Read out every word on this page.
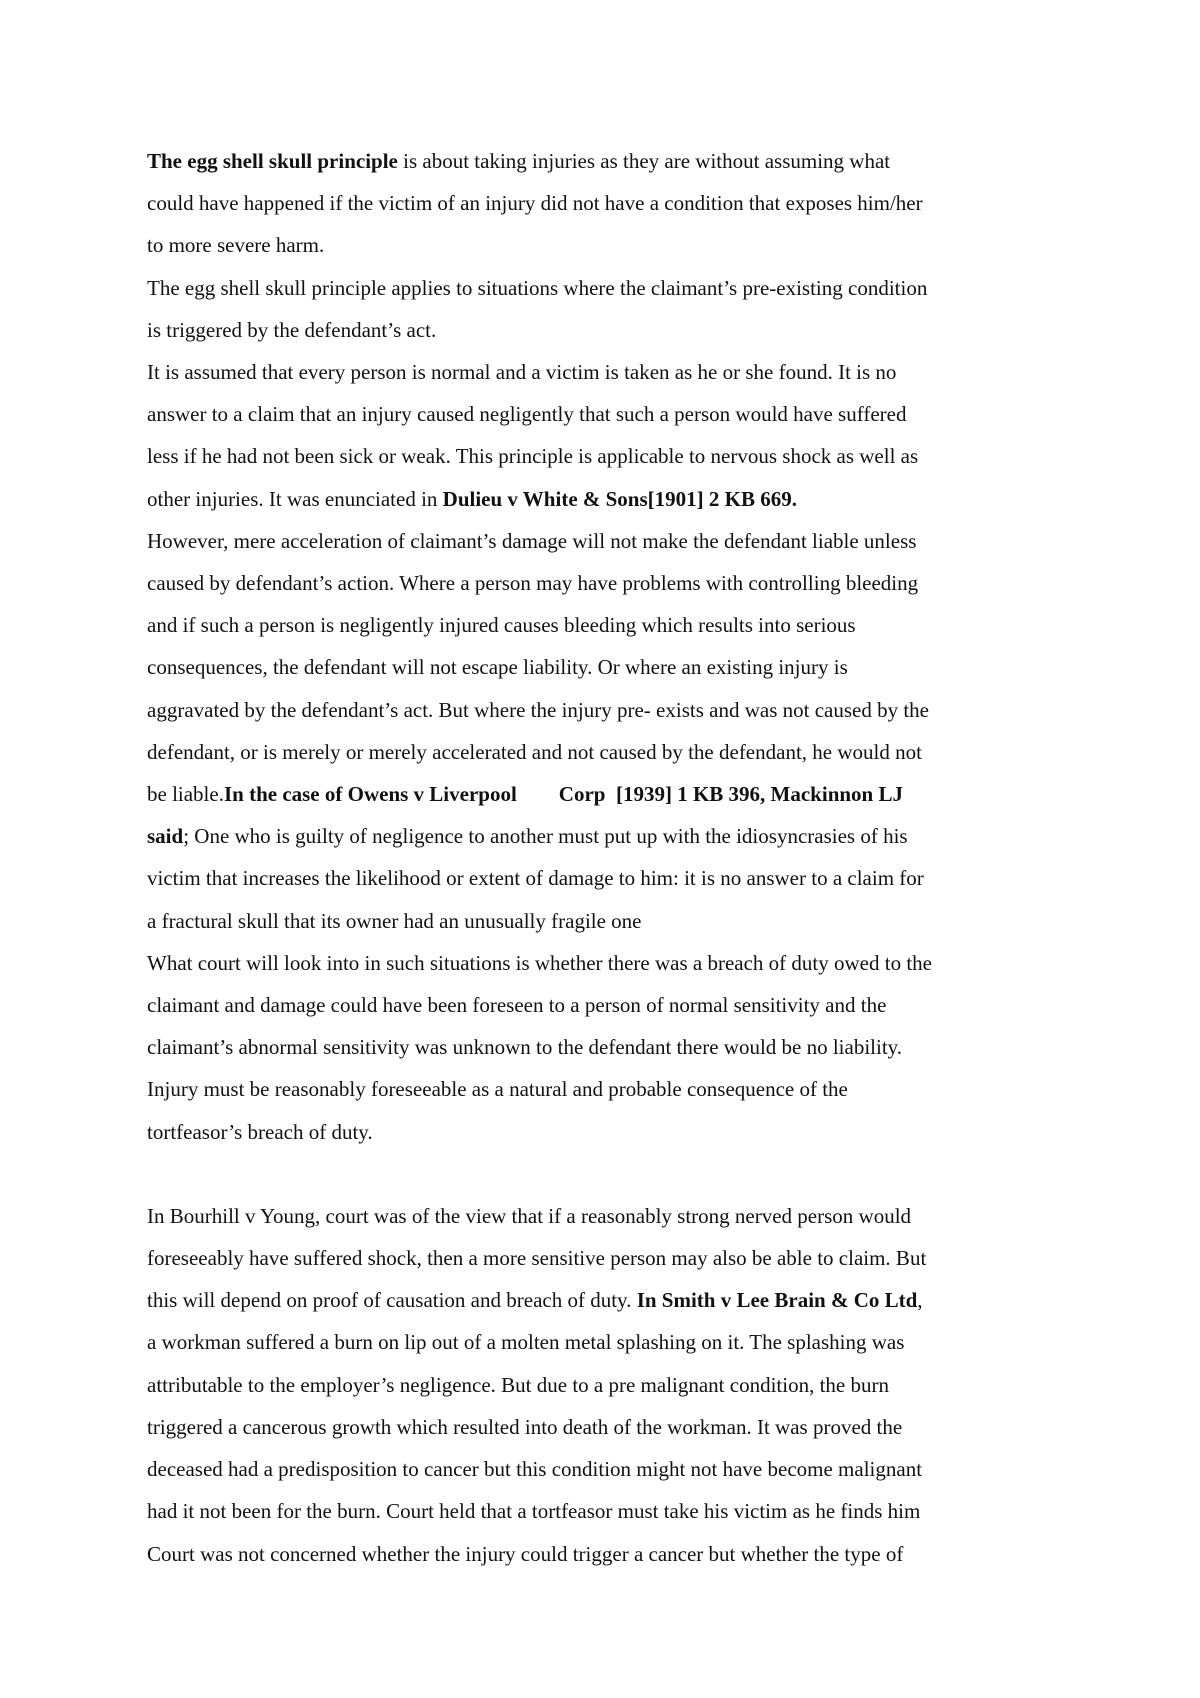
The egg shell skull principle is about taking injuries as they are without assuming what
could have happened if the victim of an injury did not have a condition that exposes him/her
to more severe harm.
The egg shell skull principle applies to situations where the claimant’s pre-existing condition
is triggered by the defendant’s act.
It is assumed that every person is normal and a victim is taken as he or she found. It is no
answer to a claim that an injury caused negligently that such a person would have suffered
less if he had not been sick or weak. This principle is applicable to nervous shock as well as
other injuries. It was enunciated in Dulieu v White & Sons[1901] 2 KB 669.
However, mere acceleration of claimant’s damage will not make the defendant liable unless
caused by defendant’s action. Where a person may have problems with controlling bleeding
and if such a person is negligently injured causes bleeding which results into serious
consequences, the defendant will not escape liability. Or where an existing injury is
aggravated by the defendant’s act. But where the injury pre- exists and was not caused by the
defendant, or is merely or merely accelerated and not caused by the defendant, he would not
be liable.In the case of Owens v Liverpool        Corp  [1939] 1 KB 396, Mackinnon LJ
said; One who is guilty of negligence to another must put up with the idiosyncrasies of his
victim that increases the likelihood or extent of damage to him: it is no answer to a claim for
a fractural skull that its owner had an unusually fragile one
What court will look into in such situations is whether there was a breach of duty owed to the
claimant and damage could have been foreseen to a person of normal sensitivity and the
claimant’s abnormal sensitivity was unknown to the defendant there would be no liability.
Injury must be reasonably foreseeable as a natural and probable consequence of the
tortfeasor’s breach of duty.
In Bourhill v Young, court was of the view that if a reasonably strong nerved person would
foreseeably have suffered shock, then a more sensitive person may also be able to claim. But
this will depend on proof of causation and breach of duty. In Smith v Lee Brain & Co Ltd,
a workman suffered a burn on lip out of a molten metal splashing on it. The splashing was
attributable to the employer’s negligence. But due to a pre malignant condition, the burn
triggered a cancerous growth which resulted into death of the workman. It was proved the
deceased had a predisposition to cancer but this condition might not have become malignant
had it not been for the burn. Court held that a tortfeasor must take his victim as he finds him
Court was not concerned whether the injury could trigger a cancer but whether the type of
